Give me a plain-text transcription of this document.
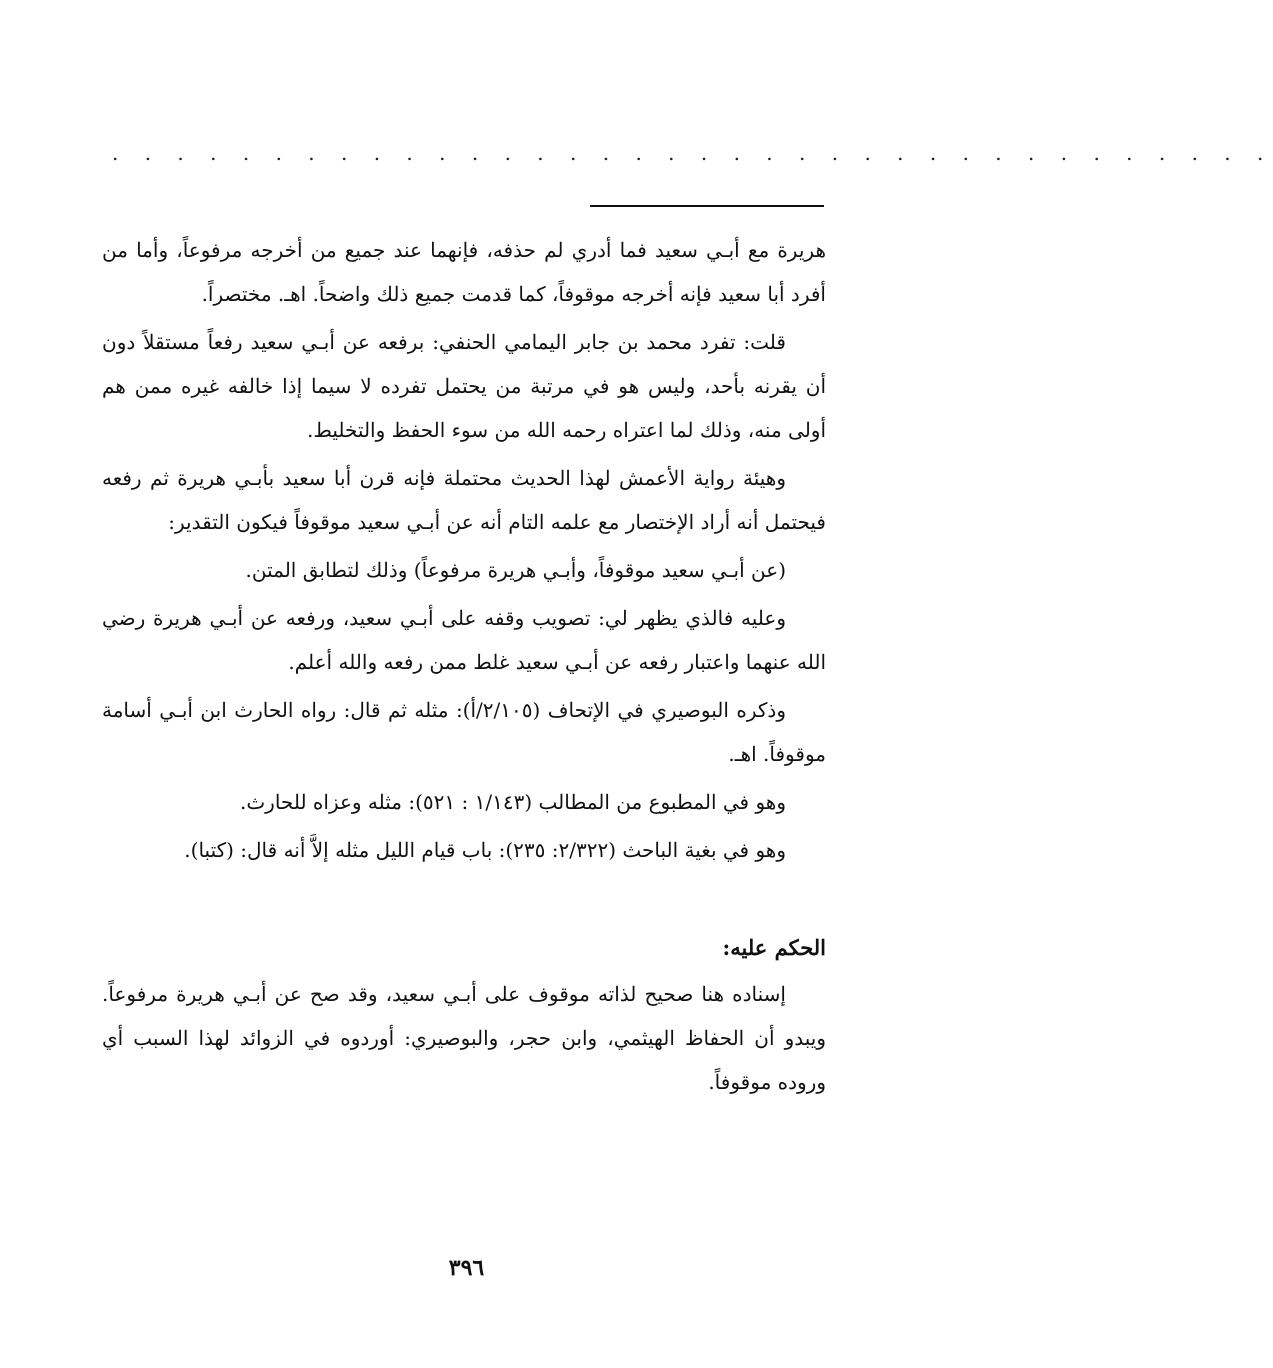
. . . . . . . . . . . . . . . . . . . . . . . . . . . . . . . . . . . .

هريرة مع أبـي سعيد فما أدري لم حذفه، فإنهما عند جميع من أخرجه مرفوعاً، وأما من أفرد أبا سعيد فإنه أخرجه موقوفاً، كما قدمت جميع ذلك واضحاً. اهـ. مختصراً.

قلت: تفرد محمد بن جابر اليمامي الحنفي: برفعه عن أبـي سعيد رفعاً مستقلاً دون أن يقرنه بأحد، وليس هو في مرتبة من يحتمل تفرده لا سيما إذا خالفه غيره ممن هم أولى منه، وذلك لما اعتراه رحمه الله من سوء الحفظ والتخليط.

وهيئة رواية الأعمش لهذا الحديث محتملة فإنه قرن أبا سعيد بأبـي هريرة ثم رفعه فيحتمل أنه أراد الإختصار مع علمه التام أنه عن أبـي سعيد موقوفاً فيكون التقدير:

(عن أبـي سعيد موقوفاً، وأبـي هريرة مرفوعاً) وذلك لتطابق المتن.

وعليه فالذي يظهر لي: تصويب وقفه على أبـي سعيد، ورفعه عن أبـي هريرة رضي الله عنهما واعتبار رفعه عن أبـي سعيد غلط ممن رفعه والله أعلم.

وذكره البوصيري في الإتحاف (٢/١٠٥/أ): مثله ثم قال: رواه الحارث ابن أبـي أسامة موقوفاً. اهـ.

وهو في المطبوع من المطالب (١/١٤٣ : ٥٢١): مثله وعزاه للحارث.

وهو في بغية الباحث (٢/٣٢٢: ٢٣٥): باب قيام الليل مثله إلاَّ أنه قال: (كتبا).

الحكم عليه:

إسناده هنا صحيح لذاته موقوف على أبـي سعيد، وقد صح عن أبـي هريرة مرفوعاً. ويبدو أن الحفاظ الهيثمي، وابن حجر، والبوصيري: أوردوه في الزوائد لهذا السبب أي وروده موقوفاً.

٣٩٦
